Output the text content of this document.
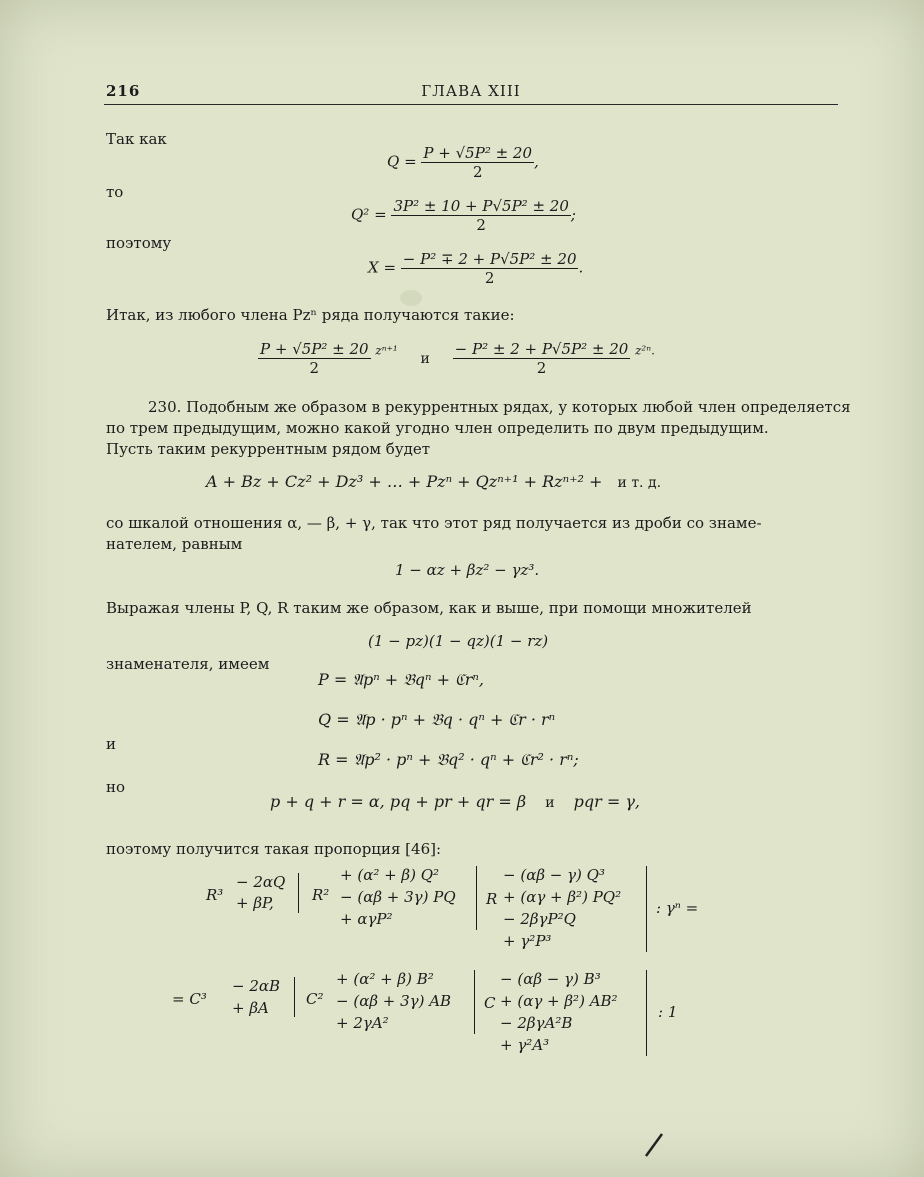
216	ГЛАВА XIII
Так как
$Q = \frac{\text{P + √5P² ± 20}}{2}$ ,
то
$Q^2 = \frac{\text{3P² ± 10 + P√5P² ± 20}}{2}$ ;
поэтому
$X = \frac{\text{− P² ∓ 2 + P√5P² ± 20}}{2}$ .
Итак, из любого члена Pzⁿ ряда получаются такие:
$\frac{\text{P + √5P² ± 20}}{2} ^{z^{n+1}}$ и $\frac{\text{− P² ± 2 + P√5P² ± 20}}{2} ^{z^{2n}.}$
230. Подобным же образом в рекуррентных рядах, у которых любой член определяется
по трем предыдущим, можно какой угодно член определить по двум предыдущим.
Пусть таким рекуррентным рядом будет
A + Bz + Cz² + Dz³ + … + Pzⁿ + Qzⁿ⁺¹ + Rzⁿ⁺² + и т. д.
со шкалой отношения α, — β, + γ, так что этот ряд получается из дроби со знаме-
нателем, равным
1 − αz + βz² − γz³.
Выражая члены P, Q, R таким же образом, как и выше, при помощи множителей
(1 − pz)(1 − qz)(1 − rz)
знаменателя, имеем
P = 𝔄pⁿ + 𝔅qⁿ + ℭrⁿ,
Q = 𝔄p · pⁿ + 𝔅q · qⁿ + ℭr · rⁿ
и
R = 𝔄p² · pⁿ + 𝔅q² · qⁿ + ℭr² · rⁿ;
но
p + q + r = α, pq + pr + qr = β и pqr = γ,
поэтому получится такая пропорция [46]:
R³
− 2αQ
+ βP,	R²
+ (α² + β) Q²
− (αβ + 3γ) PQ
+ αγP²
R
− (αβ − γ) Q³
+ (αγ + β²) PQ²
− 2βγP²Q
+ γ²P³
: γⁿ =
= C³
− 2αB
+ βA C²
+ (α² + β) B²
− (αβ + 3γ) AB
+ 2γA²
C
− (αβ − γ) B³
+ (αγ + β²) AB²
− 2βγA²B
+ γ²A³
: 1
